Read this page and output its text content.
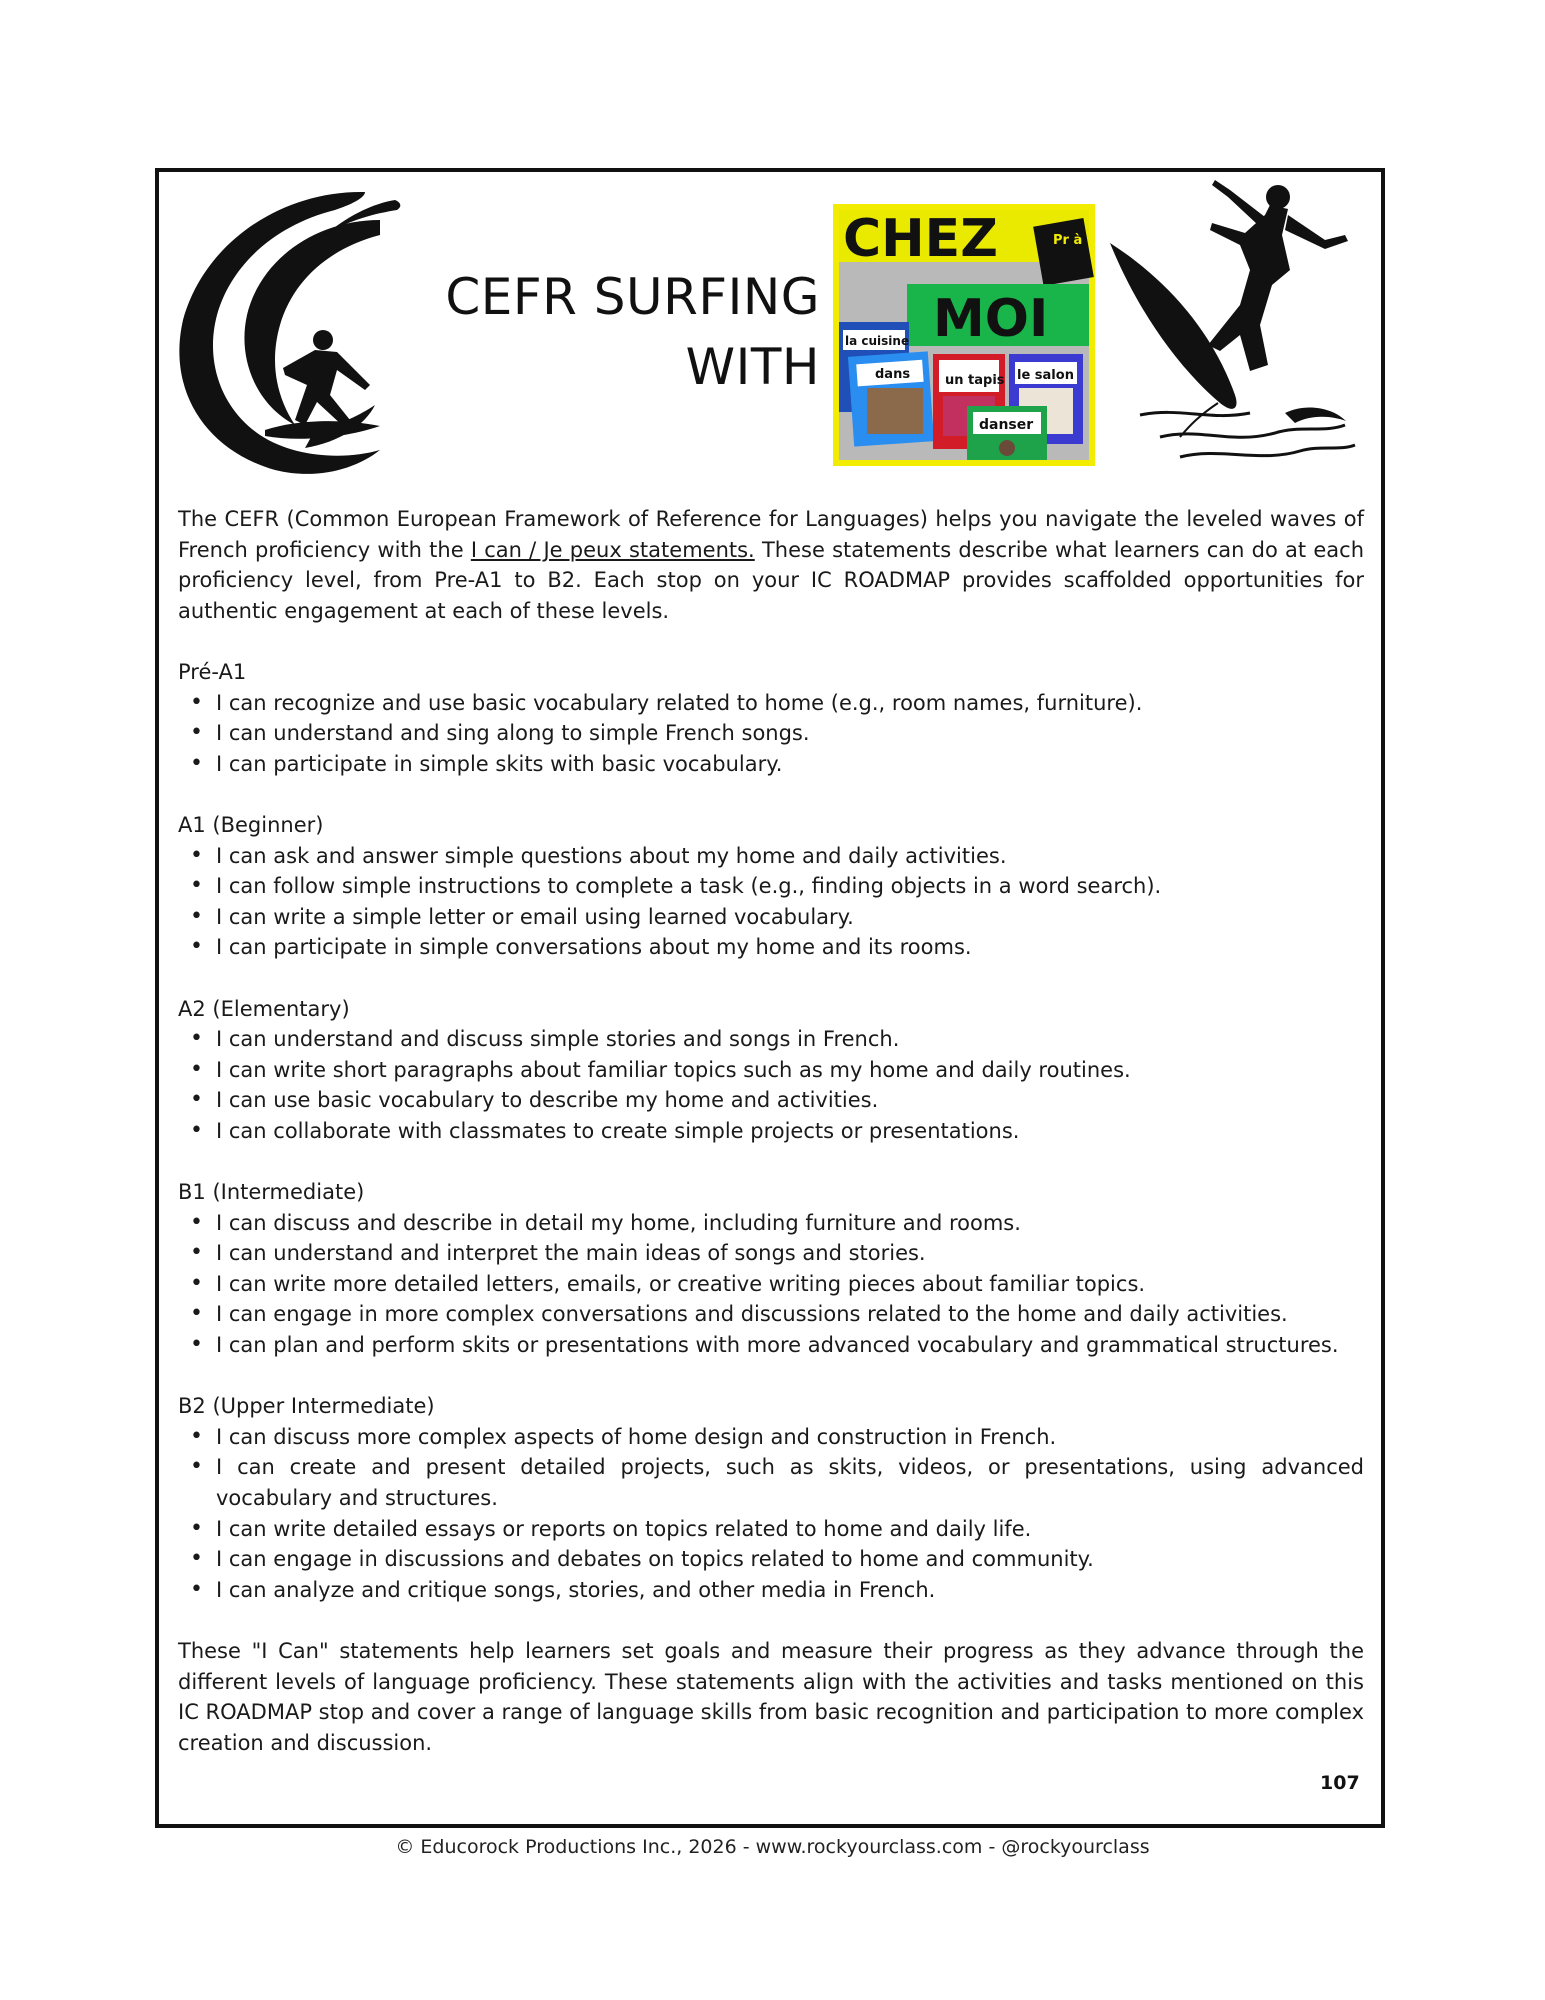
CEFR SURFING
WITH
CHEZ	Pr à
MOI
la cuisine
dans	un tapis le salon
danser

The CEFR (Common European Framework of Reference for Languages) helps you navigate the leveled waves of French proficiency with the I can / Je peux statements. These statements describe what learners can do at each proficiency level, from Pre-A1 to B2. Each stop on your IC ROADMAP provides scaffolded opportunities for authentic engagement at each of these levels.

Pré-A1

• I can recognize and use basic vocabulary related to home (e.g., room names, furniture).
• I can understand and sing along to simple French songs.
• I can participate in simple skits with basic vocabulary.

A1 (Beginner)

• I can ask and answer simple questions about my home and daily activities.
• I can follow simple instructions to complete a task (e.g., finding objects in a word search).
• I can write a simple letter or email using learned vocabulary.
• I can participate in simple conversations about my home and its rooms.

A2 (Elementary)

• I can understand and discuss simple stories and songs in French.
• I can write short paragraphs about familiar topics such as my home and daily routines.
• I can use basic vocabulary to describe my home and activities.
• I can collaborate with classmates to create simple projects or presentations.

B1 (Intermediate)

• I can discuss and describe in detail my home, including furniture and rooms.
• I can understand and interpret the main ideas of songs and stories.
• I can write more detailed letters, emails, or creative writing pieces about familiar topics.
• I can engage in more complex conversations and discussions related to the home and daily activities.
• I can plan and perform skits or presentations with more advanced vocabulary and grammatical structures.

B2 (Upper Intermediate)

• I can discuss more complex aspects of home design and construction in French.
• I can create and present detailed projects, such as skits, videos, or presentations, using advanced vocabulary and structures.
• I can write detailed essays or reports on topics related to home and daily life.
• I can engage in discussions and debates on topics related to home and community.
• I can analyze and critique songs, stories, and other media in French.

These "I Can" statements help learners set goals and measure their progress as they advance through the different levels of language proficiency. These statements align with the activities and tasks mentioned on this IC ROADMAP stop and cover a range of language skills from basic recognition and participation to more complex creation and discussion.

107
© Educorock Productions Inc., 2026 - www.rockyourclass.com - @rockyourclass
